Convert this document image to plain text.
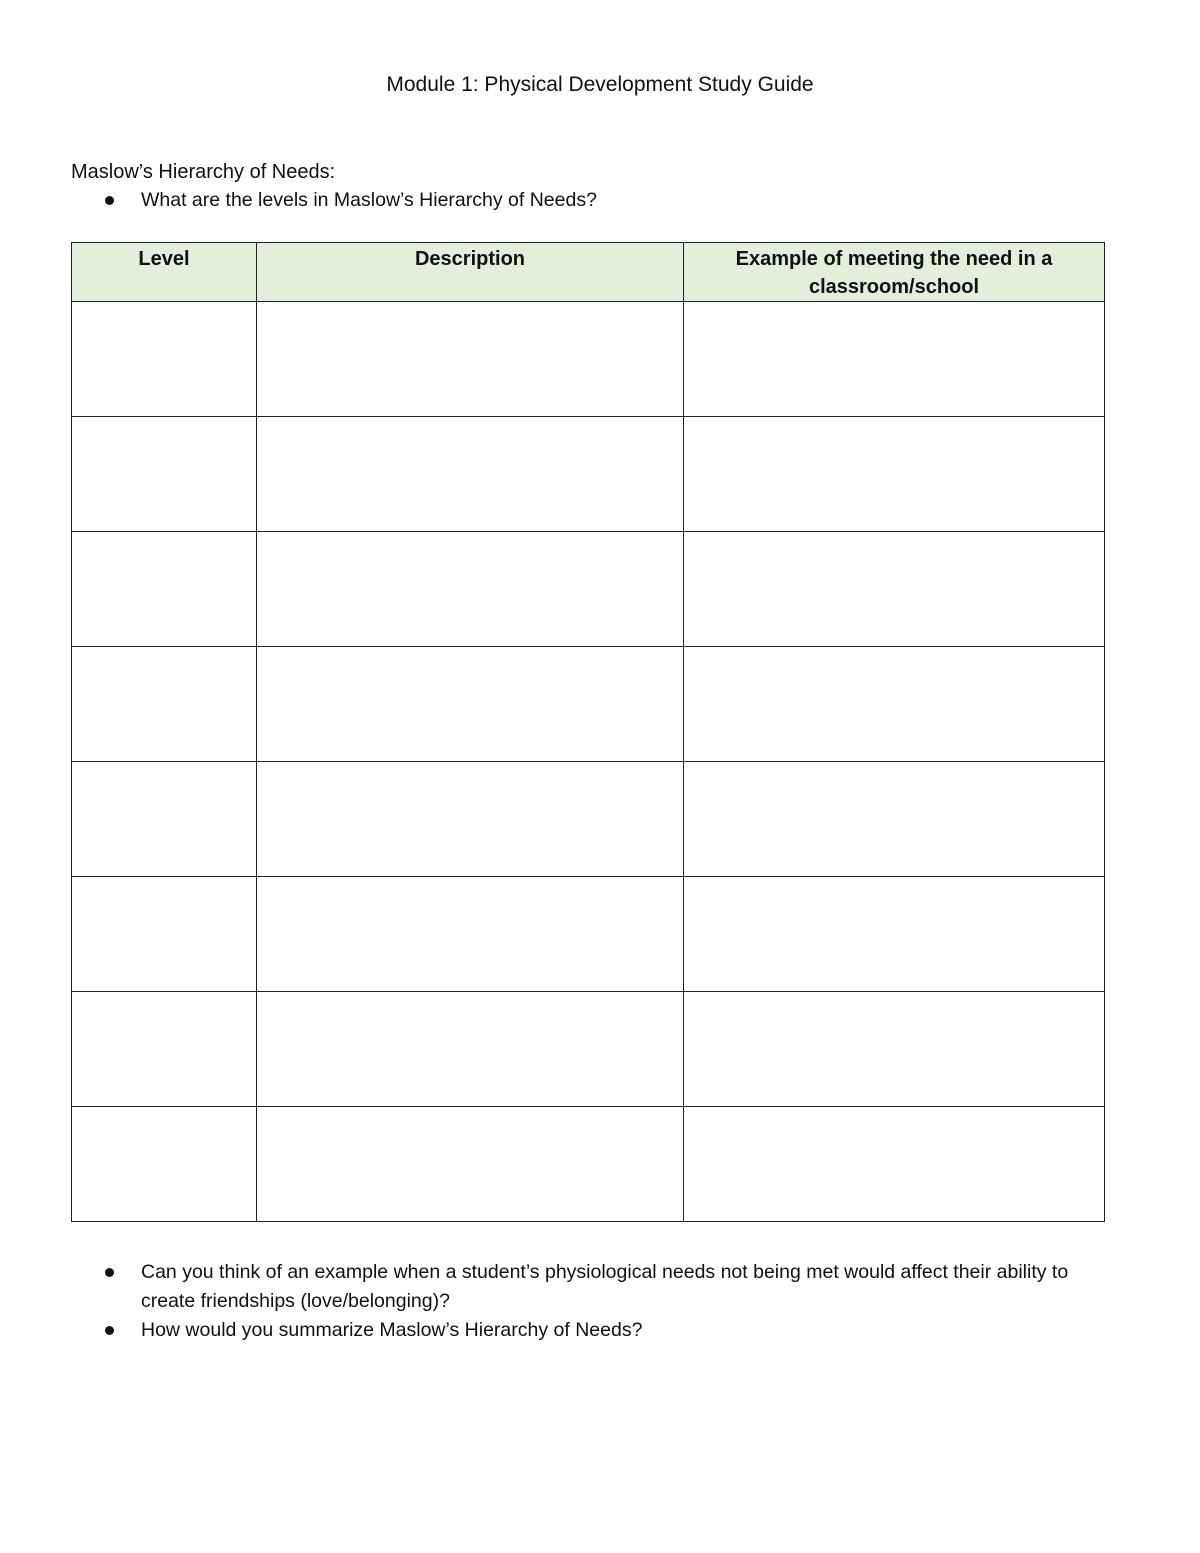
Module 1: Physical Development Study Guide
Maslow’s Hierarchy of Needs:
What are the levels in Maslow’s Hierarchy of Needs?
Level	Description	Example of meeting the need in a classroom/school

Can you think of an example when a student’s physiological needs not being met would affect their ability to create friendships (love/belonging)?
How would you summarize Maslow’s Hierarchy of Needs?
